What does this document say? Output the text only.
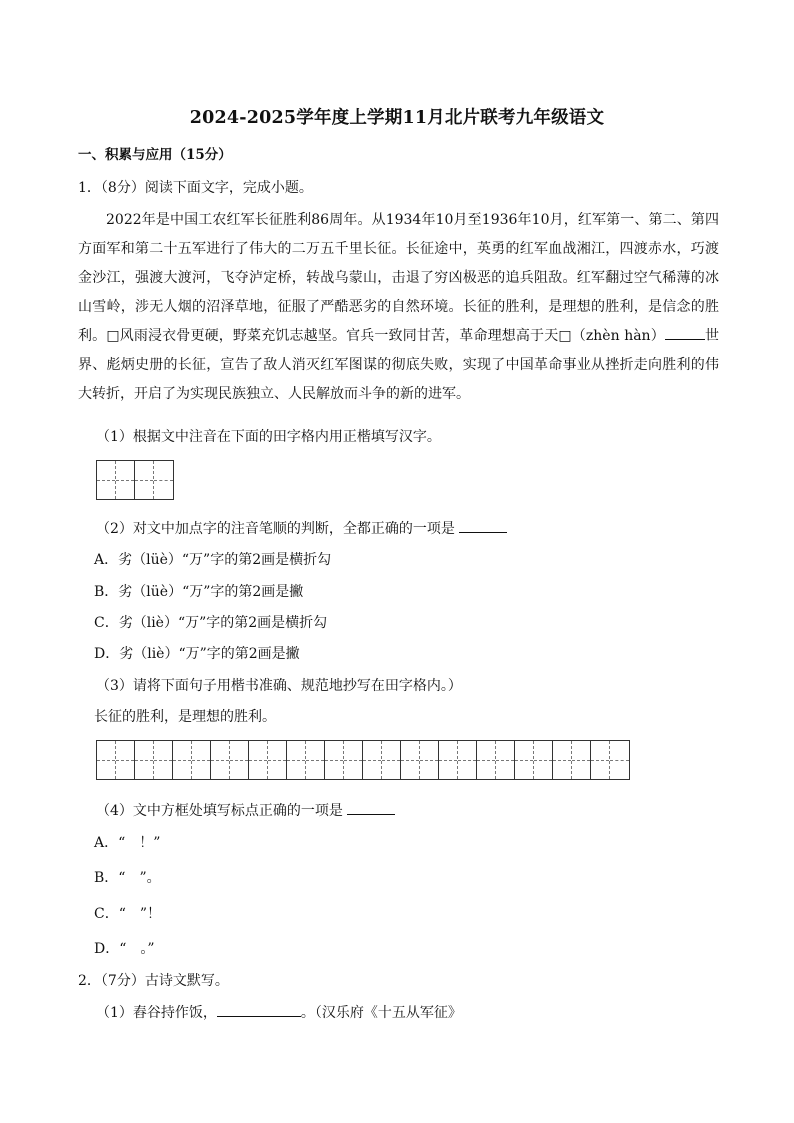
2024-2025学年度上学期11月北片联考九年级语文
一、积累与应用（15分）
1．（8分）阅读下面文字，完成小题。
2022年是中国工农红军长征胜利86周年。从1934年10月至1936年10月，红军第一、第二、第四方面军和第二十五军进行了伟大的二万五千里长征。长征途中，英勇的红军血战湘江，四渡赤水，巧渡金沙江，强渡大渡河，飞夺泸定桥，转战乌蒙山，击退了穷凶极恶的追兵阻敌。红军翻过空气稀薄的冰山雪岭，涉无人烟的沼泽草地，征服了严酷恶劣的自然环境。长征的胜利，是理想的胜利，是信念的胜利。□风雨浸衣骨更硬，野菜充饥志越坚。官兵一致同甘苦，革命理想高于天□（zhèn hàn）	世界、彪炳史册的长征，宣告了敌人消灭红军图谋的彻底失败，实现了中国革命事业从挫折走向胜利的伟大转折，开启了为实现民族独立、人民解放而斗争的新的进军。
（1）根据文中注音在下面的田字格内用正楷填写汉字。
（2）对文中加点字的注音笔顺的判断，全都正确的一项是
A．劣（lüè）“万”字的第2画是横折勾
B．劣（lüè）“万”字的第2画是撇
C．劣（liè）“万”字的第2画是横折勾
D．劣（liè）“万”字的第2画是撇
（3）请将下面句子用楷书准确、规范地抄写在田字格内。）
长征的胜利，是理想的胜利。
（4）文中方框处填写标点正确的一项是
A．“　！”
B．“　”。
C．“　”！
D．“　。”
2．（7分）古诗文默写。
（1）舂谷持作饭，	。（汉乐府《十五从军征》
